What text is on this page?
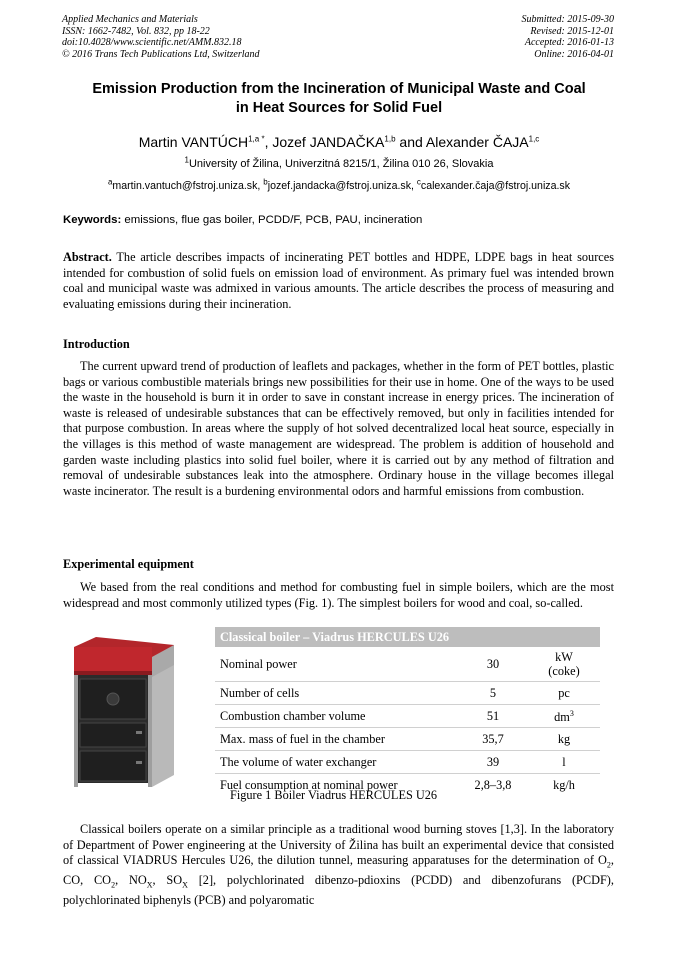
Applied Mechanics and Materials
ISSN: 1662-7482, Vol. 832, pp 18-22
doi:10.4028/www.scientific.net/AMM.832.18
© 2016 Trans Tech Publications Ltd, Switzerland
Submitted: 2015-09-30
Revised: 2015-12-01
Accepted: 2016-01-13
Online: 2016-04-01
Emission Production from the Incineration of Municipal Waste and Coal
in Heat Sources for Solid Fuel
Martin $VANTÚCH^{1,a *}$, Jozef JANDAČKA$^{1,b}$ and Alexander ČAJA$^{1,c}$
$^1$University of Žilina, Univerzitná 8215/1, Žilina 010 26, Slovakia
$^a$martin.vantuch@fstroj.uniza.sk, $^b$jozef.jandacka@fstroj.uniza.sk, $^c$calexander.čaja@fstroj.uniza.sk
Keywords: emissions, flue gas boiler, PCDD/F, PCB, PAU, incineration
Abstract. The article describes impacts of incinerating PET bottles and HDPE, LDPE bags in heat sources intended for combustion of solid fuels on emission load of environment. As primary fuel was intended brown coal and municipal waste was admixed in various amounts. The article describes the process of measuring and evaluating emissions during their incineration.
Introduction
The current upward trend of production of leaflets and packages, whether in the form of PET bottles, plastic bags or various combustible materials brings new possibilities for their use in home. One of the ways to be used the waste in the household is burn it in order to save in constant increase in energy prices. The incineration of waste is released of undesirable substances that can be effectively removed, but only in facilities intended for that purpose combustion. In areas where the supply of hot solved decentralized local heat source, especially in the villages is this method of waste management are widespread. The problem is addition of household and garden waste including plastics into solid fuel boiler, where it is carried out by any method of filtration and removal of undesirable substances leak into the atmosphere. Ordinary house in the village becomes illegal waste incinerator. The result is a burdening environmental odors and harmful emissions from combustion.
Experimental equipment
We based from the real conditions and method for combusting fuel in simple boilers, which are the most widespread and most commonly utilized types (Fig. 1). The simplest boilers for wood and coal, so-called.
Classical boiler – Viadrus HERCULES U26		
Nominal power	30	kW
(coke)
Number of cells	5	pc
Combustion chamber volume	51	$dm^3$
Max. mass of fuel in the chamber	35,7	kg
The volume of water exchanger	39	l
Fuel consumption at nominal power	2,8–3,8	kg/h
Figure 1 Boiler Viadrus HERCULES U26
Classical boilers operate on a similar principle as a traditional wood burning stoves [1,3]. In the laboratory of Department of Power engineering at the University of Žilina has built an experimental device that consisted of classical VIADRUS Hercules U26, the dilution tunnel, measuring apparatuses for the determination of $O_2$, CO, $CO_2$, $NO_X$, $SO_X$ [2], polychlorinated dibenzo-pdioxins (PCDD) and dibenzofurans (PCDF), polychlorinated biphenyls (PCB) and polyaromatic
